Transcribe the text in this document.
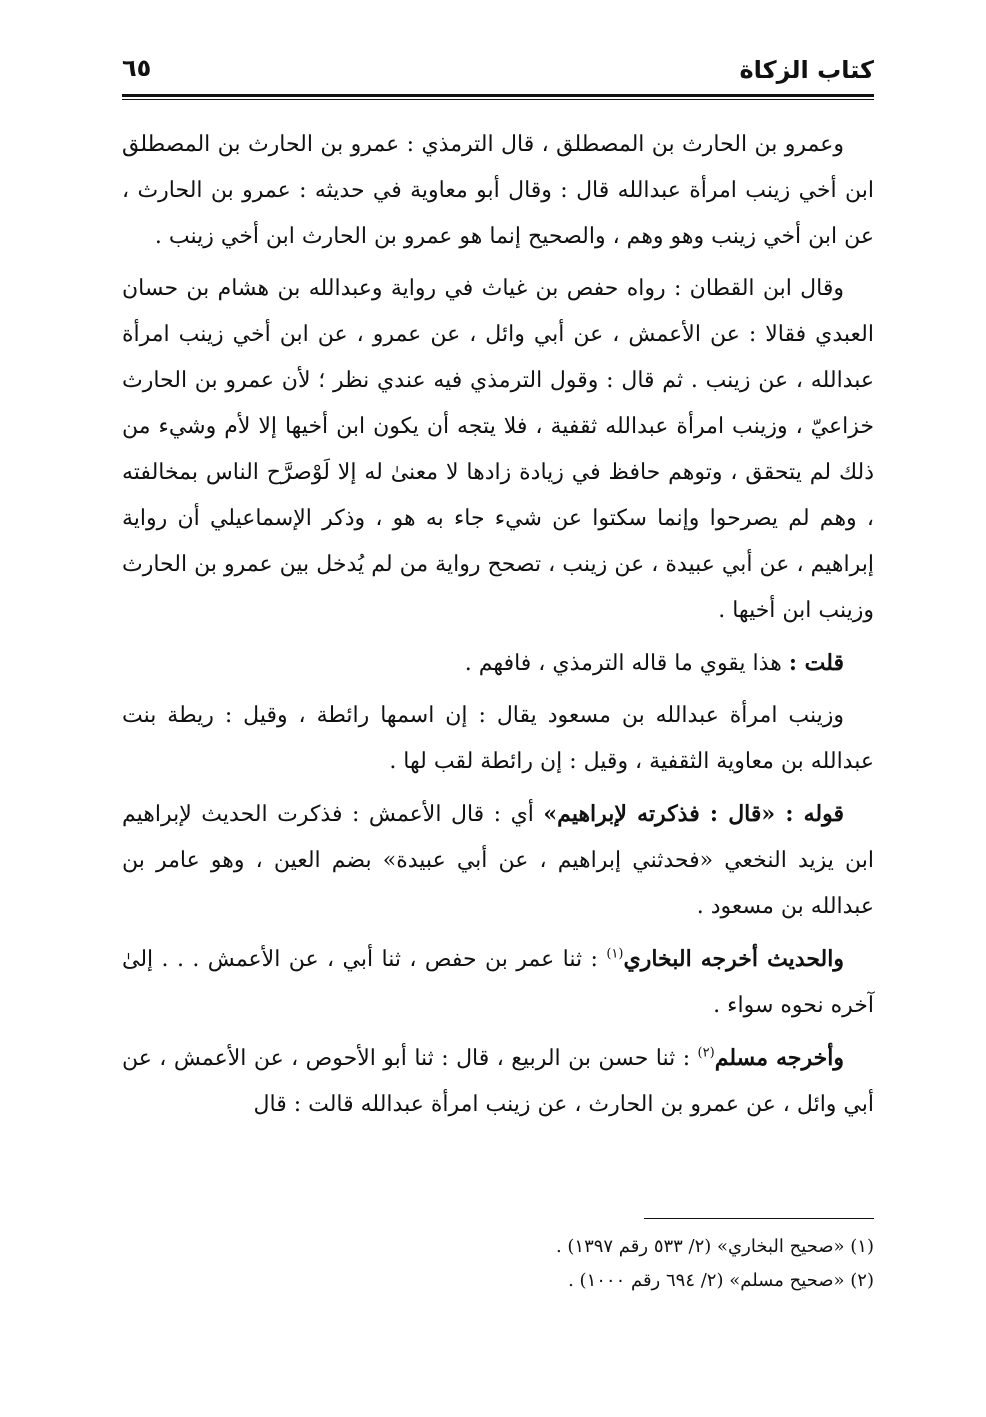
كتاب الزكاة
٦٥

وعمرو بن الحارث بن المصطلق ، قال الترمذي : عمرو بن الحارث بن المصطلق ابن أخي زينب امرأة عبدالله قال : وقال أبو معاوية في حديثه : عمرو بن الحارث ، عن ابن أخي زينب وهو وهم ، والصحيح إنما هو عمرو بن الحارث ابن أخي زينب .

وقال ابن القطان : رواه حفص بن غياث في رواية وعبدالله بن هشام بن حسان العبدي فقالا : عن الأعمش ، عن أبي وائل ، عن عمرو ، عن ابن أخي زينب امرأة عبدالله ، عن زينب . ثم قال : وقول الترمذي فيه عندي نظر ؛ لأن عمرو بن الحارث خزاعيّ ، وزينب امرأة عبدالله ثقفية ، فلا يتجه أن يكون ابن أخيها إلا لأم وشيء من ذلك لم يتحقق ، وتوهم حافظ في زيادة زادها لا معنىٰ له إلا لَوْصرَّح الناس بمخالفته ، وهم لم يصرحوا وإنما سكتوا عن شيء جاء به هو ، وذكر الإسماعيلي أن رواية إبراهيم ، عن أبي عبيدة ، عن زينب ، تصحح رواية من لم يُدخل بين عمرو بن الحارث وزينب ابن أخيها .

قلت : هذا يقوي ما قاله الترمذي ، فافهم .

وزينب امرأة عبدالله بن مسعود يقال : إن اسمها رائطة ، وقيل : ريطة بنت عبدالله بن معاوية الثقفية ، وقيل : إن رائطة لقب لها .

قوله : «قال : فذكرته لإبراهيم» أي : قال الأعمش : فذكرت الحديث لإبراهيم ابن يزيد النخعي «فحدثني إبراهيم ، عن أبي عبيدة» بضم العين ، وهو عامر بن عبدالله بن مسعود .

والحديث أخرجه البخاري$^{(١)}$ : ثنا عمر بن حفص ، ثنا أبي ، عن الأعمش . . . إلىٰ آخره نحوه سواء .

وأخرجه مسلم$^{(٢)}$ : ثنا حسن بن الربيع ، قال : ثنا أبو الأحوص ، عن الأعمش ، عن أبي وائل ، عن عمرو بن الحارث ، عن زينب امرأة عبدالله قالت : قال

(١) «صحيح البخاري» (٢/ ٥٣٣ رقم ١٣٩٧) .

(٢) «صحيح مسلم» (٢/ ٦٩٤ رقم ١٠٠٠) .
